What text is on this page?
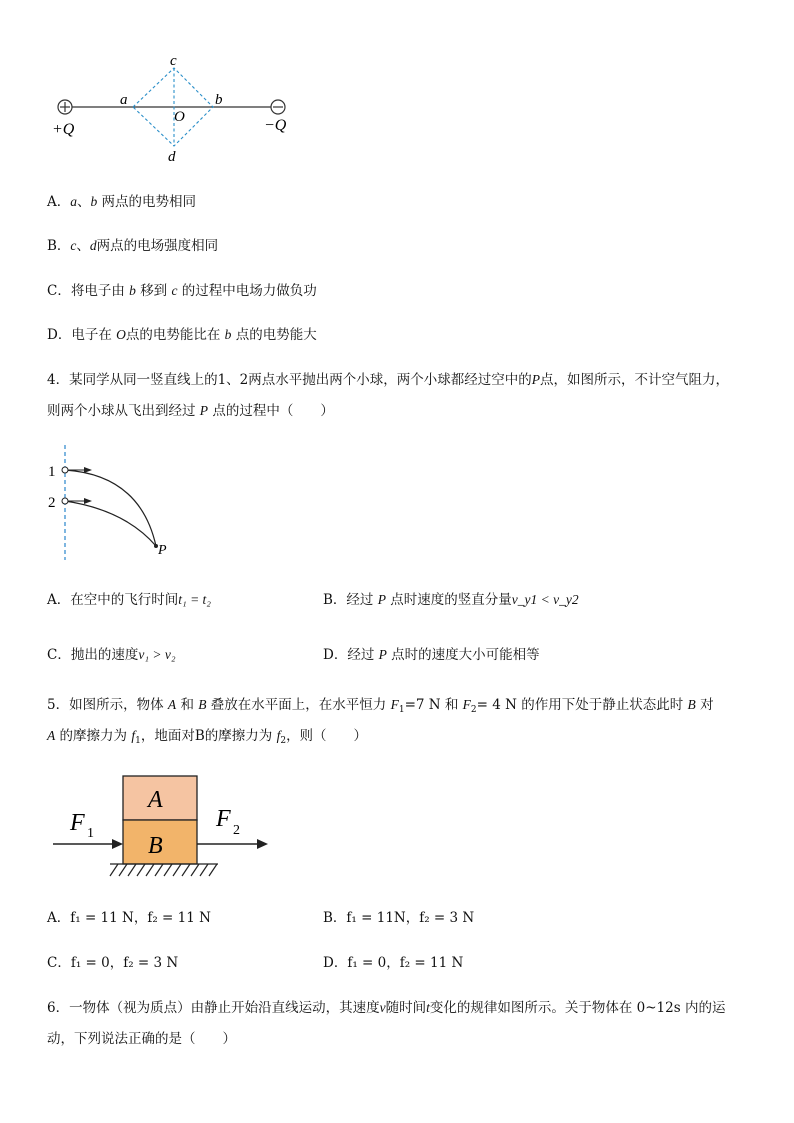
+Q	−Q
a	b
c
d
O
A．a、b 两点的电势相同
B．c、d两点的电场强度相同
C．将电子由 b 移到 c 的过程中电场力做负功
D．电子在 O点的电势能比在 b 点的电势能大
4．某同学从同一竖直线上的1、2两点水平抛出两个小球，两个小球都经过空中的P点，如图所示，不计空气阻力，
则两个小球从飞出到经过 P 点的过程中（　　）
1
2
P
A．在空中的飞行时间t₁ = t₂	B．经过 P 点时速度的竖直分量v_y1 < v_y2
C．抛出的速度v₁ > v₂	D．经过 P 点时的速度大小可能相等
5．如图所示，物体 A 和 B 叠放在水平面上，在水平恒力 $F_1=7$ N 和 $F_2= 4$ N 的作用下处于静止状态此时 B 对
A 的摩擦力为 $f_1$，地面对B的摩擦力为 $f_2$，则（　　）
A
B
F 1
F 2
A．f₁ = 11 N，f₂ = 11 N	B．f₁ = 11N，f₂ = 3 N
C．f₁ = 0，f₂ = 3 N	D．f₁ = 0，f₂ = 11 N
6．一物体（视为质点）由静止开始沿直线运动，其速度v随时间t变化的规律如图所示。关于物体在 0~12s 内的运
动，下列说法正确的是（　　）
